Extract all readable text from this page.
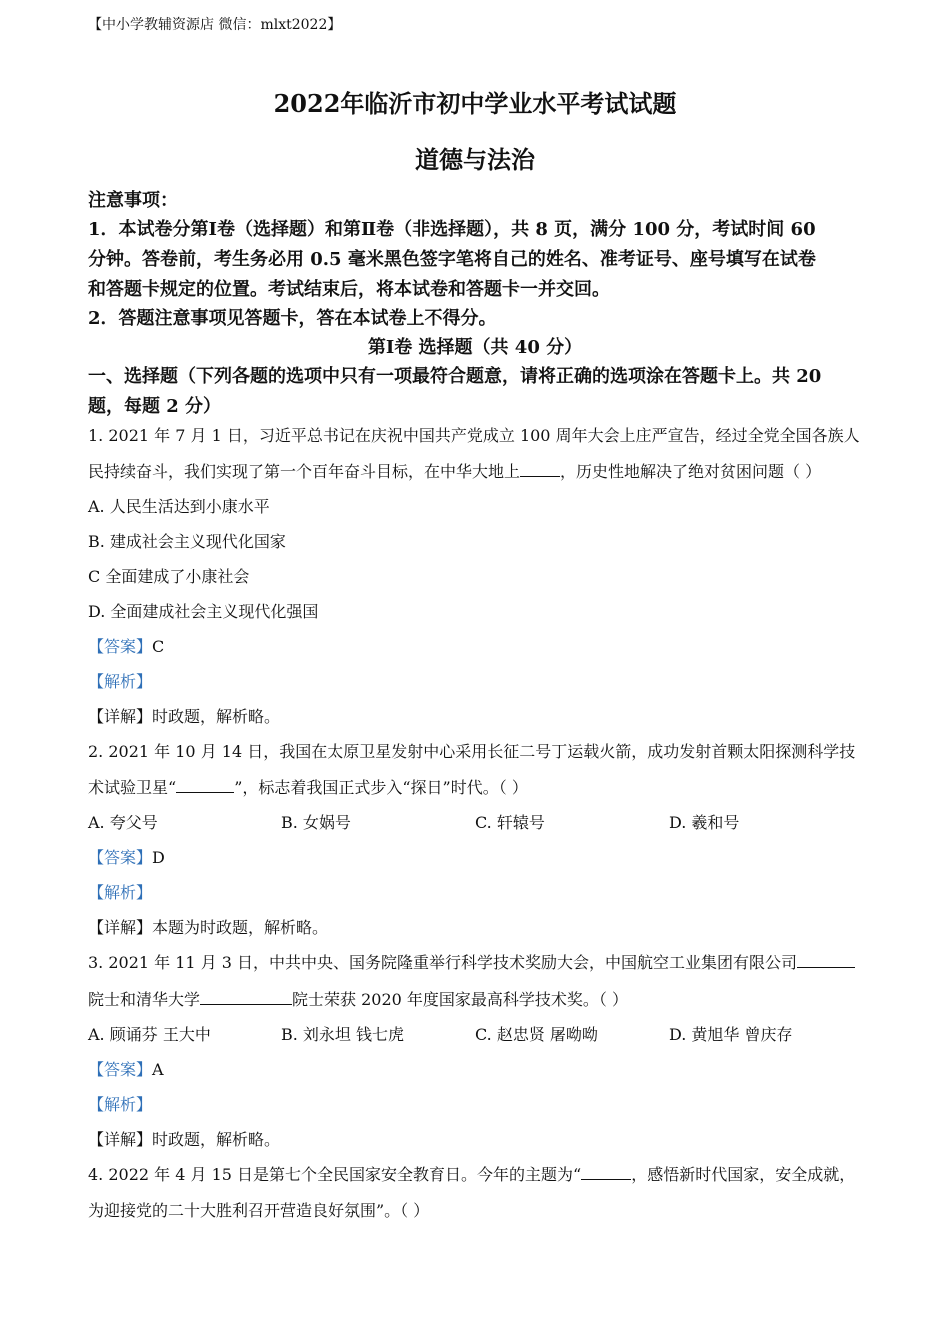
【中小学教辅资源店 微信：mlxt2022】
2022年临沂市初中学业水平考试试题
道德与法治
注意事项：
1．本试卷分第Ⅰ卷（选择题）和第Ⅱ卷（非选择题），共 8 页，满分 100 分，考试时间 60
分钟。答卷前，考生务必用 0.5 毫米黑色签字笔将自己的姓名、准考证号、座号填写在试卷
和答题卡规定的位置。考试结束后，将本试卷和答题卡一并交回。
2．答题注意事项见答题卡，答在本试卷上不得分。
第Ⅰ卷 选择题（共 40 分）
一、选择题（下列各题的选项中只有一项最符合题意，请将正确的选项涂在答题卡上。共 20
题，每题 2 分）
1. 2021 年 7 月 1 日，习近平总书记在庆祝中国共产党成立 100 周年大会上庄严宣告，经过全党全国各族人
民持续奋斗，我们实现了第一个百年奋斗目标，在中华大地上	，历史性地解决了绝对贫困问题（ ）
A. 人民生活达到小康水平
B. 建成社会主义现代化国家
C 全面建成了小康社会
D. 全面建成社会主义现代化强国
【答案】C
【解析】
【详解】时政题，解析略。
2. 2021 年 10 月 14 日，我国在太原卫星发射中心采用长征二号丁运载火箭，成功发射首颗太阳探测科学技
术试验卫星“	”，标志着我国正式步入“探日”时代。（ ）
A. 夸父号	B. 女娲号	C. 轩辕号	D. 羲和号
【答案】D
【解析】
【详解】本题为时政题，解析略。
3. 2021 年 11 月 3 日，中共中央、国务院隆重举行科学技术奖励大会，中国航空工业集团有限公司
院士和清华大学	院士荣获 2020 年度国家最高科学技术奖。（ ）
A. 顾诵芬 王大中	B. 刘永坦 钱七虎	C. 赵忠贤 屠呦呦	D. 黄旭华 曾庆存
【答案】A
【解析】
【详解】时政题，解析略。
4. 2022 年 4 月 15 日是第七个全民国家安全教育日。今年的主题为“	，感悟新时代国家，安全成就，
为迎接党的二十大胜利召开营造良好氛围”。（ ）
